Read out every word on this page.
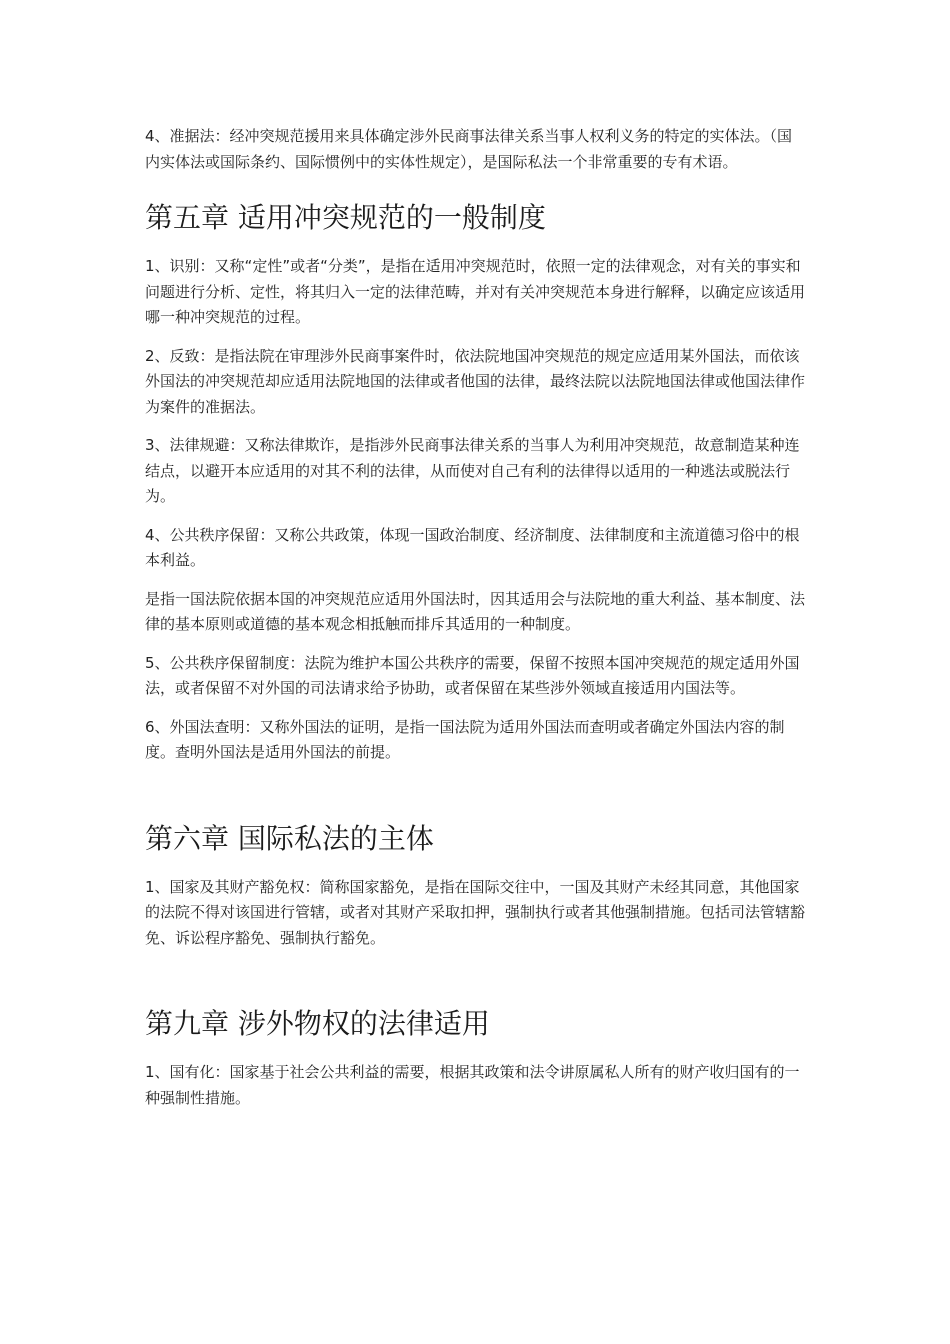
4、准据法：经冲突规范援用来具体确定涉外民商事法律关系当事人权利义务的特定的实体法。（国内实体法或国际条约、国际惯例中的实体性规定），是国际私法一个非常重要的专有术语。

第五章 适用冲突规范的一般制度

1、识别：又称“定性”或者“分类”，是指在适用冲突规范时，依照一定的法律观念，对有关的事实和问题进行分析、定性，将其归入一定的法律范畴，并对有关冲突规范本身进行解释，以确定应该适用哪一种冲突规范的过程。

2、反致：是指法院在审理涉外民商事案件时，依法院地国冲突规范的规定应适用某外国法，而依该外国法的冲突规范却应适用法院地国的法律或者他国的法律，最终法院以法院地国法律或他国法律作为案件的准据法。

3、法律规避：又称法律欺诈，是指涉外民商事法律关系的当事人为利用冲突规范，故意制造某种连结点，以避开本应适用的对其不利的法律，从而使对自己有利的法律得以适用的一种逃法或脱法行为。

4、公共秩序保留：又称公共政策，体现一国政治制度、经济制度、法律制度和主流道德习俗中的根本利益。

是指一国法院依据本国的冲突规范应适用外国法时，因其适用会与法院地的重大利益、基本制度、法律的基本原则或道德的基本观念相抵触而排斥其适用的一种制度。

5、公共秩序保留制度：法院为维护本国公共秩序的需要，保留不按照本国冲突规范的规定适用外国法，或者保留不对外国的司法请求给予协助，或者保留在某些涉外领域直接适用内国法等。

6、外国法查明：又称外国法的证明，是指一国法院为适用外国法而查明或者确定外国法内容的制度。查明外国法是适用外国法的前提。

第六章 国际私法的主体

1、国家及其财产豁免权：简称国家豁免，是指在国际交往中，一国及其财产未经其同意，其他国家的法院不得对该国进行管辖，或者对其财产采取扣押，强制执行或者其他强制措施。包括司法管辖豁免、诉讼程序豁免、强制执行豁免。

第九章 涉外物权的法律适用

1、国有化：国家基于社会公共利益的需要，根据其政策和法令讲原属私人所有的财产收归国有的一种强制性措施。
